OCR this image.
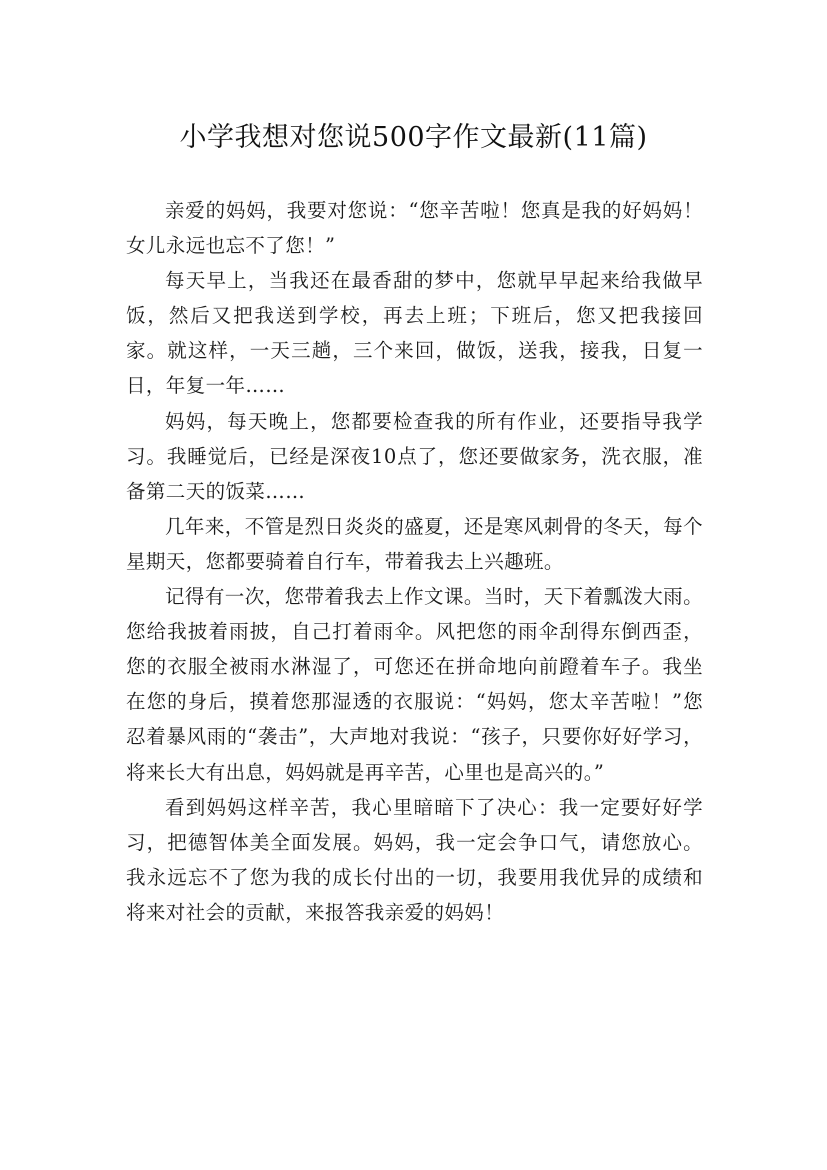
小学我想对您说500字作文最新(11篇)

亲爱的妈妈，我要对您说：“您辛苦啦！您真是我的好妈妈！女儿永远也忘不了您！”

每天早上，当我还在最香甜的梦中，您就早早起来给我做早饭，然后又把我送到学校，再去上班；下班后，您又把我接回家。就这样，一天三趟，三个来回，做饭，送我，接我，日复一日，年复一年……

妈妈，每天晚上，您都要检查我的所有作业，还要指导我学习。我睡觉后，已经是深夜10点了，您还要做家务，洗衣服，准备第二天的饭菜……

几年来，不管是烈日炎炎的盛夏，还是寒风刺骨的冬天，每个星期天，您都要骑着自行车，带着我去上兴趣班。

记得有一次，您带着我去上作文课。当时，天下着瓢泼大雨。您给我披着雨披，自己打着雨伞。风把您的雨伞刮得东倒西歪，您的衣服全被雨水淋湿了，可您还在拼命地向前蹬着车子。我坐在您的身后，摸着您那湿透的衣服说：“妈妈，您太辛苦啦！”您忍着暴风雨的“袭击”，大声地对我说：“孩子，只要你好好学习，将来长大有出息，妈妈就是再辛苦，心里也是高兴的。”

看到妈妈这样辛苦，我心里暗暗下了决心：我一定要好好学习，把德智体美全面发展。妈妈，我一定会争口气，请您放心。我永远忘不了您为我的成长付出的一切，我要用我优异的成绩和将来对社会的贡献，来报答我亲爱的妈妈！
